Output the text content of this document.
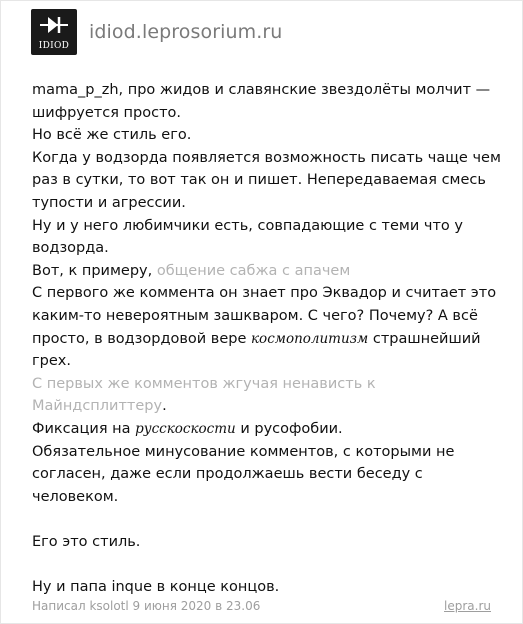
IDIOD
idiod.leprosorium.ru

mama_p_zh, про жидов и славянские звездолёты молчит — шифруется просто.

Но всё же стиль его.

Когда у водзорда появляется возможность писать чаще чем раз в сутки, то вот так он и пишет. Непередаваемая смесь тупости и агрессии.

Ну и у него любимчики есть, совпадающие с теми что у водзорда.

Вот, к примеру, общение сабжа с апачем

С первого же коммента он знает про Эквадор и считает это каким-то невероятным зашкваром. С чего? Почему? А всё просто, в водзордовой вере космополитизм страшнейший грех.

С первых же комментов жгучая ненависть к Майндсплиттеру.

Фиксация на русскоскости и русофобии.

Обязательное минусование комментов, с которыми не согласен, даже если продолжаешь вести беседу с человеком.

Его это стиль.

Ну и папа inque в конце концов.

Написал ksolotl 9 июня 2020 в 23.06	lepra.ru
